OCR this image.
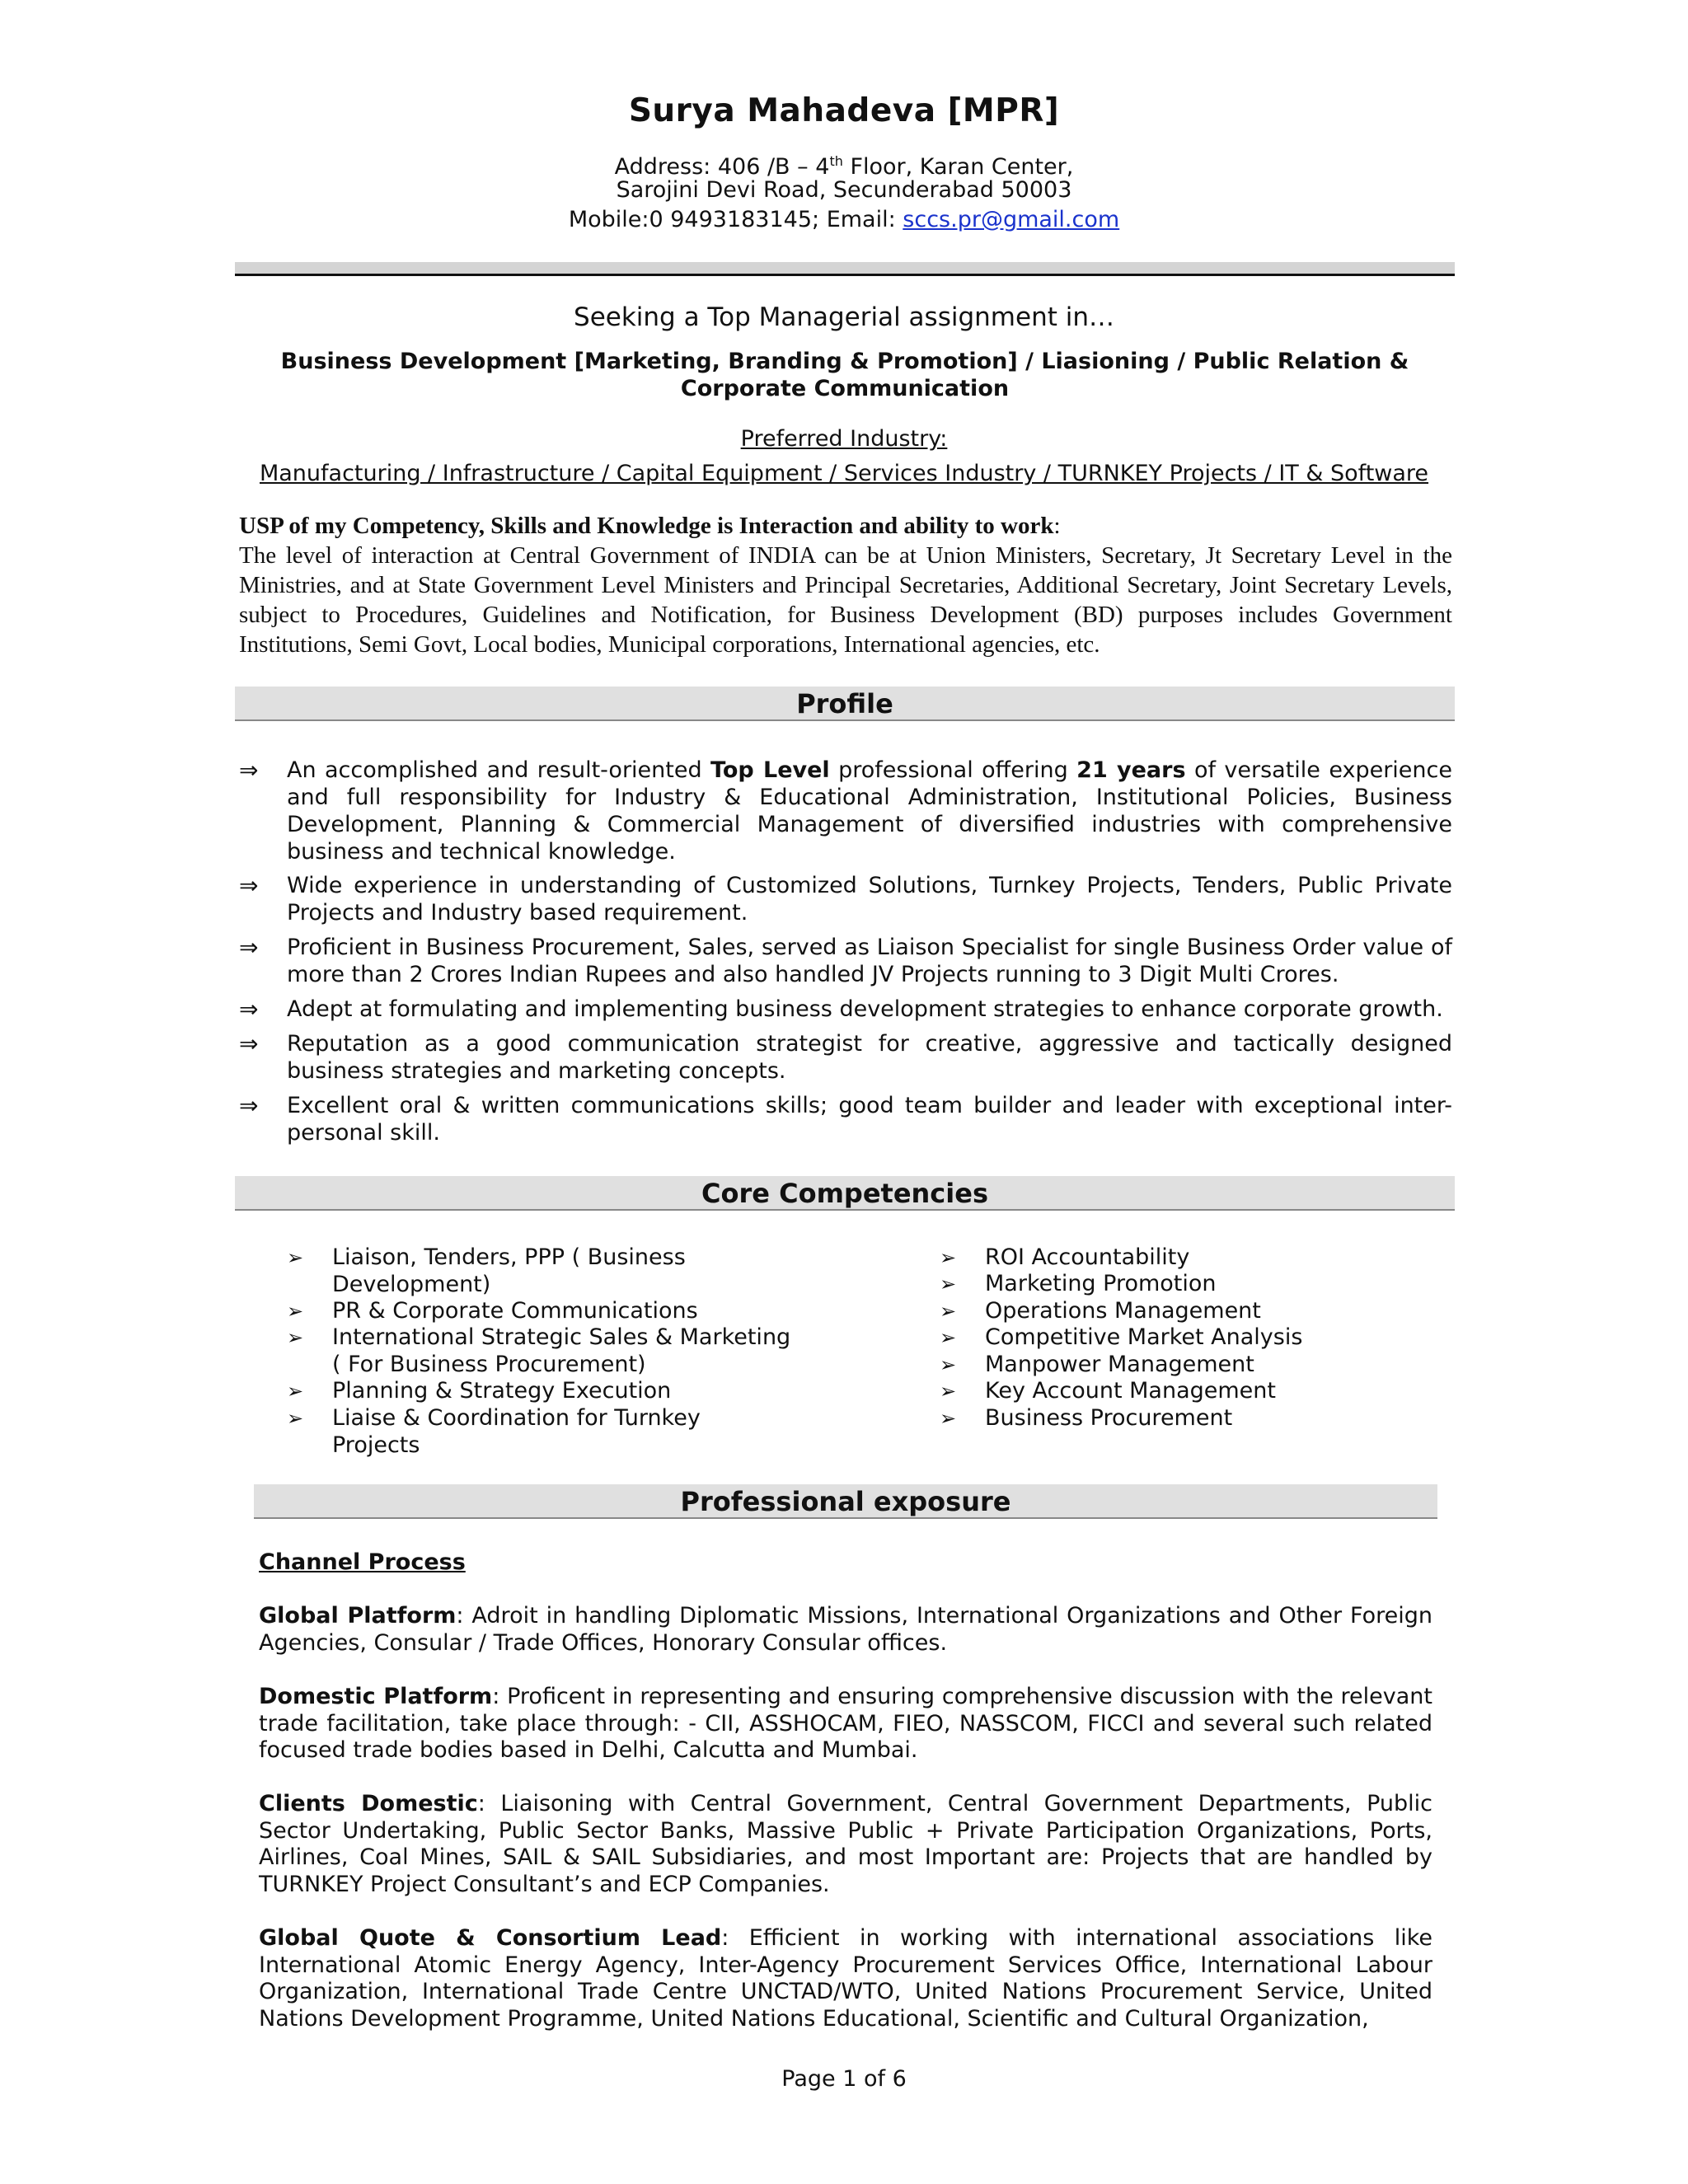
Surya Mahadeva [MPR]
Address: 406 /B – 4th Floor, Karan Center,
Sarojini Devi Road, Secunderabad 50003
Mobile:0 9493183145; Email: sccs.pr@gmail.com
Seeking a Top Managerial assignment in…
Business Development [Marketing, Branding & Promotion] / Liasioning / Public Relation & Corporate Communication
Preferred Industry:
Manufacturing / Infrastructure / Capital Equipment / Services Industry / TURNKEY Projects / IT & Software
USP of my Competency, Skills and Knowledge is Interaction and ability to work:
The level of interaction at Central Government of INDIA can be at Union Ministers, Secretary, Jt Secretary Level in the Ministries, and at State Government Level Ministers and Principal Secretaries, Additional Secretary, Joint Secretary Levels, subject to Procedures, Guidelines and Notification, for Business Development (BD) purposes includes Government Institutions, Semi Govt, Local bodies, Municipal corporations, International agencies, etc.
Profile
⇒	An accomplished and result-oriented Top Level professional offering 21 years of versatile experience and full responsibility for Industry & Educational Administration, Institutional Policies, Business Development, Planning & Commercial Management of diversified industries with comprehensive business and technical knowledge.
⇒	Wide experience in understanding of Customized Solutions, Turnkey Projects, Tenders, Public Private Projects and Industry based requirement.
⇒	Proficient in Business Procurement, Sales, served as Liaison Specialist for single Business Order value of more than 2 Crores Indian Rupees and also handled JV Projects running to 3 Digit Multi Crores.
⇒	Adept at formulating and implementing business development strategies to enhance corporate growth.
⇒	Reputation as a good communication strategist for creative, aggressive and tactically designed business strategies and marketing concepts.
⇒	Excellent oral & written communications skills; good team builder and leader with exceptional inter-personal skill.
Core Competencies
➢ Liaison, Tenders, PPP ( Business Development)
➢ PR & Corporate Communications
➢ International Strategic Sales & Marketing ( For Business Procurement)
➢ Planning & Strategy Execution
➢ Liaise & Coordination for Turnkey Projects
➢ ROI Accountability
➢ Marketing Promotion
➢ Operations Management
➢ Competitive Market Analysis
➢ Manpower Management
➢ Key Account Management
➢ Business Procurement
Professional exposure
Channel Process
Global Platform: Adroit in handling Diplomatic Missions, International Organizations and Other Foreign Agencies, Consular / Trade Offices, Honorary Consular offices.
Domestic Platform: Proficent in representing and ensuring comprehensive discussion with the relevant trade facilitation, take place through: - CII, ASSHOCAM, FIEO, NASSCOM, FICCI and several such related focused trade bodies based in Delhi, Calcutta and Mumbai.
Clients Domestic: Liaisoning with Central Government, Central Government Departments, Public Sector Undertaking, Public Sector Banks, Massive Public + Private Participation Organizations, Ports, Airlines, Coal Mines, SAIL & SAIL Subsidiaries, and most Important are: Projects that are handled by TURNKEY Project Consultant’s and ECP Companies.
Global Quote & Consortium Lead: Efficient in working with international associations like International Atomic Energy Agency, Inter-Agency Procurement Services Office, International Labour Organization, International Trade Centre UNCTAD/WTO, United Nations Procurement Service, United Nations Development Programme, United Nations Educational, Scientific and Cultural Organization,
Page 1 of 6
